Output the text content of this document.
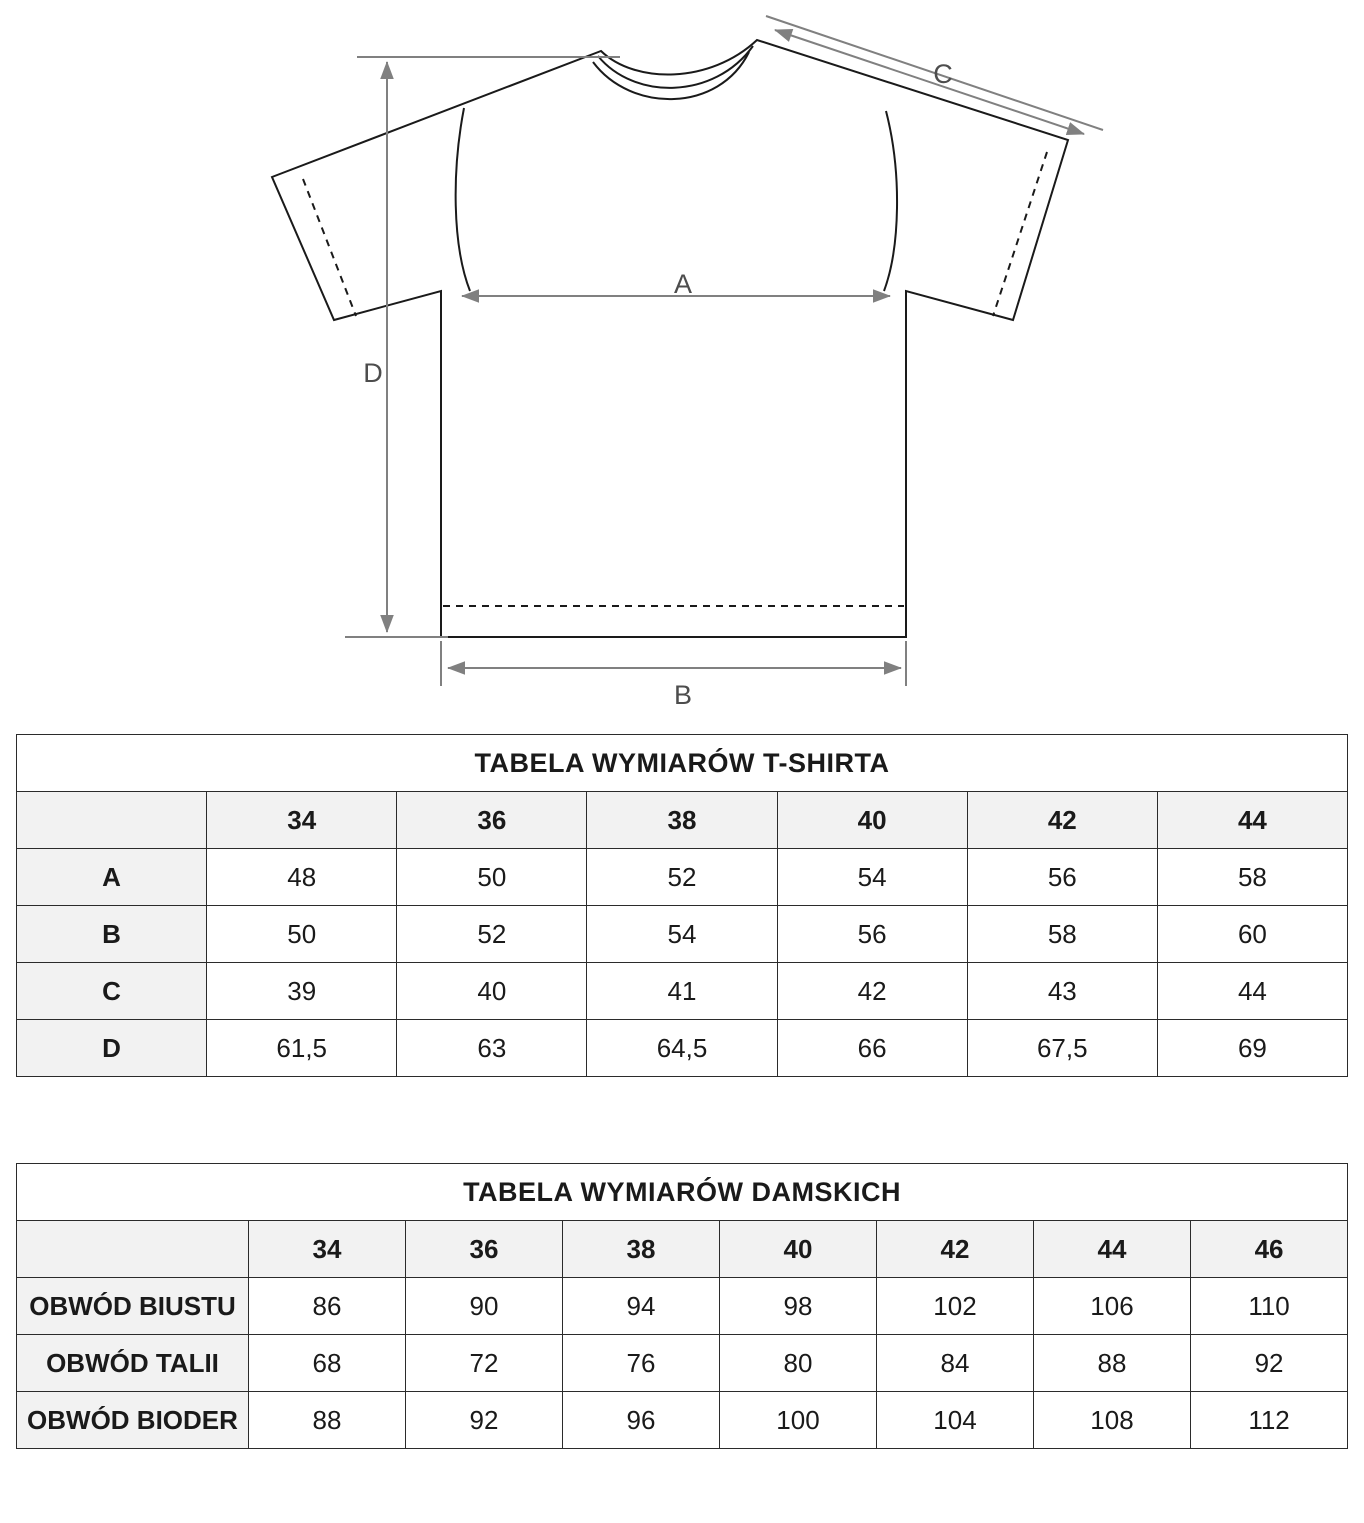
A
B
C
D
TABELA WYMIARÓW T-SHIRTA						
	34	36	38	40	42	44
A	48	50	52	54	56	58
B	50	52	54	56	58	60
C	39	40	41	42	43	44
D	61,5	63	64,5	66	67,5	69
TABELA WYMIARÓW DAMSKICH							
	34	36	38	40	42	44	46
OBWÓD BIUSTU	86	90	94	98	102	106	110
OBWÓD TALII	68	72	76	80	84	88	92
OBWÓD BIODER	88	92	96	100	104	108	112
